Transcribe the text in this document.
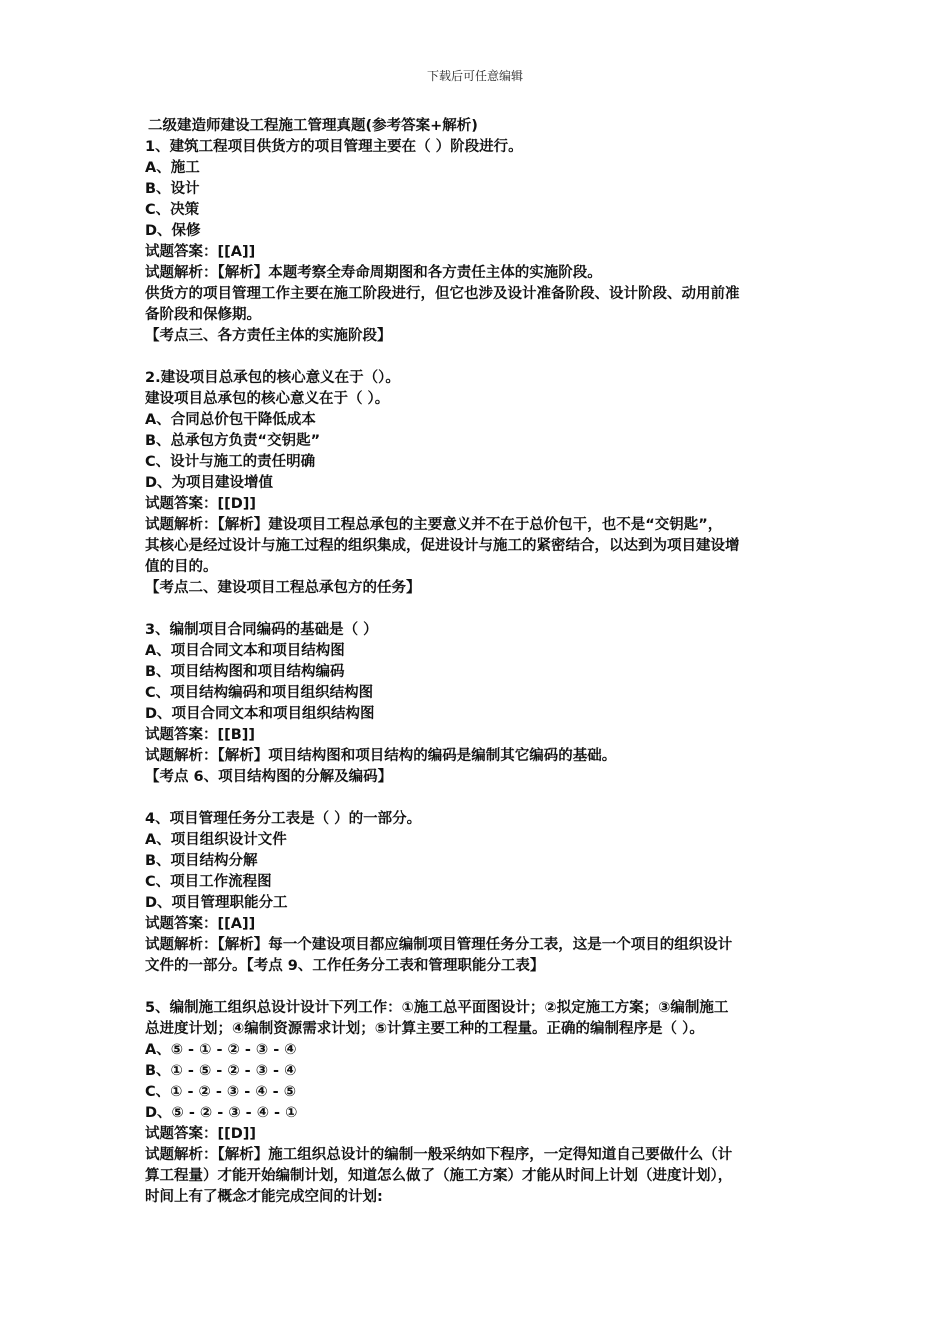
下载后可任意编辑
二级建造师建设工程施工管理真题(参考答案+解析)
1、建筑工程项目供货方的项目管理主要在（ ）阶段进行。
A、施工
B、设计
C、决策
D、保修
试题答案：[[A]]
试题解析：【解析】本题考察全寿命周期图和各方责任主体的实施阶段。
供货方的项目管理工作主要在施工阶段进行，但它也涉及设计准备阶段、设计阶段、动用前准
备阶段和保修期。
【考点三、各方责任主体的实施阶段】
2.建设项目总承包的核心意义在于（）。
建设项目总承包的核心意义在于（ ）。
A、合同总价包干降低成本
B、总承包方负责“交钥匙”
C、设计与施工的责任明确
D、为项目建设增值
试题答案：[[D]]
试题解析：【解析】建设项目工程总承包的主要意义并不在于总价包干，也不是“交钥匙”，
其核心是经过设计与施工过程的组织集成，促进设计与施工的紧密结合，以达到为项目建设增
值的目的。
【考点二、建设项目工程总承包方的任务】
3、编制项目合同编码的基础是（ ）
A、项目合同文本和项目结构图
B、项目结构图和项目结构编码
C、项目结构编码和项目组织结构图
D、项目合同文本和项目组织结构图
试题答案：[[B]]
试题解析：【解析】项目结构图和项目结构的编码是编制其它编码的基础。
【考点 6、项目结构图的分解及编码】
4、项目管理任务分工表是（ ）的一部分。
A、项目组织设计文件
B、项目结构分解
C、项目工作流程图
D、项目管理职能分工
试题答案：[[A]]
试题解析：【解析】每一个建设项目都应编制项目管理任务分工表，这是一个项目的组织设计
文件的一部分。【考点 9、工作任务分工表和管理职能分工表】
5、编制施工组织总设计设计下列工作：①施工总平面图设计；②拟定施工方案；③编制施工
总进度计划；④编制资源需求计划；⑤计算主要工种的工程量。正确的编制程序是（ ）。
A、⑤ - ① - ② - ③ - ④
B、① - ⑤ - ② - ③ - ④
C、① - ② - ③ - ④ - ⑤
D、⑤ - ② - ③ - ④ - ①
试题答案：[[D]]
试题解析：【解析】施工组织总设计的编制一般采纳如下程序，一定得知道自己要做什么（计
算工程量）才能开始编制计划，知道怎么做了（施工方案）才能从时间上计划（进度计划），
时间上有了概念才能完成空间的计划:
